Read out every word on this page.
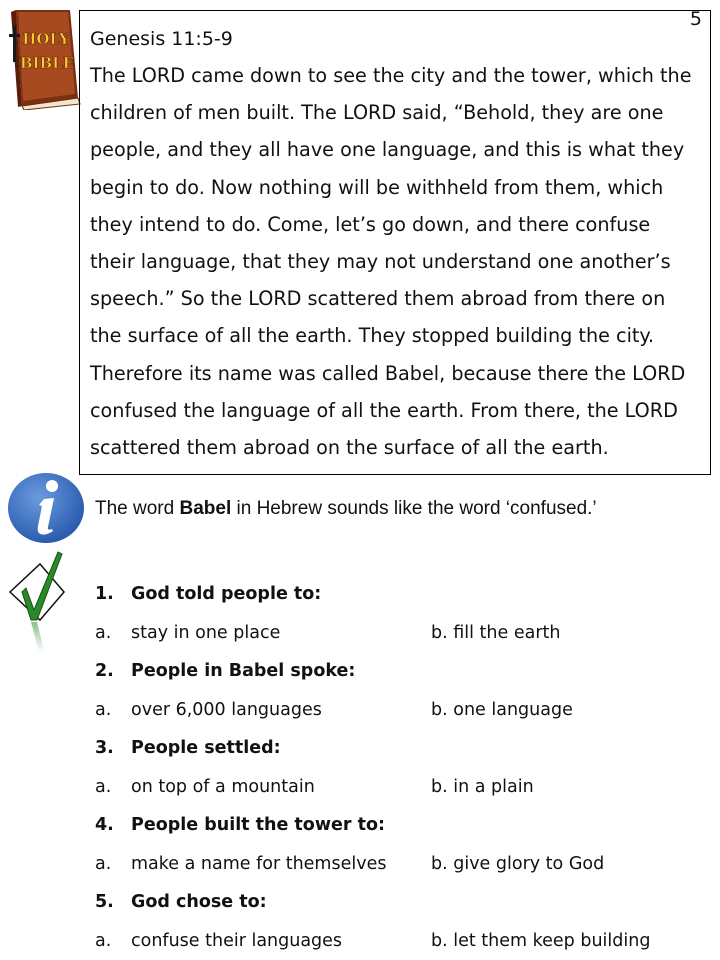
5
HOLY
BIBLE
Genesis 11:5-9

The LORD came down to see the city and the tower, which the children of men built. The LORD said, “Behold, they are one people, and they all have one language, and this is what they begin to do. Now nothing will be withheld from them, which they intend to do. Come, let’s go down, and there confuse their language, that they may not understand one another’s speech.” So the LORD scattered them abroad from there on the surface of all the earth. They stopped building the city. Therefore its name was called Babel, because there the LORD confused the language of all the earth. From there, the LORD scattered them abroad on the surface of all the earth.

The word Babel in Hebrew sounds like the word ‘confused.’
1. God told people to:
a.	stay in one place	b. fill the earth
2. People in Babel spoke:
a.	over 6,000 languages	b. one language
3. People settled:
a.	on top of a mountain	b. in a plain
4. People built the tower to:
a.	make a name for themselves	b. give glory to God
5. God chose to:
a.	confuse their languages	b. let them keep building
